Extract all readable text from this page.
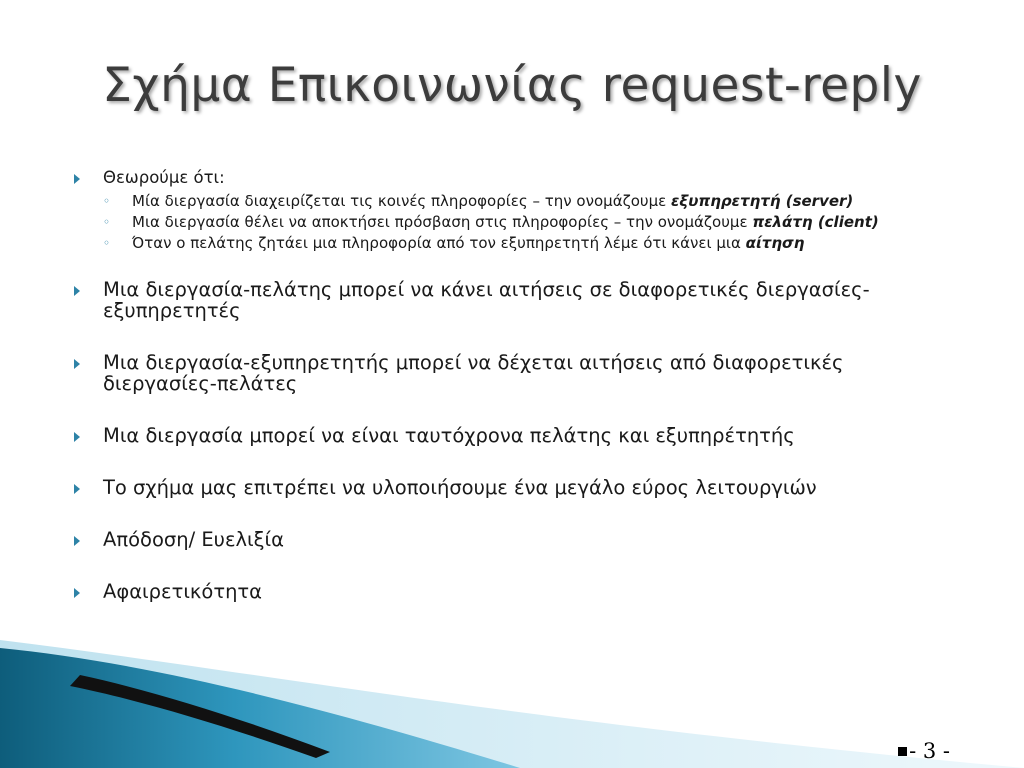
Σχήμα Επικοινωνίας request-reply
Θεωρούμε ότι:
◦ Μία διεργασία διαχειρίζεται τις κοινές πληροφορίες – την ονομάζουμε εξυπηρετητή (server)
◦ Μια διεργασία θέλει να αποκτήσει πρόσβαση στις πληροφορίες – την ονομάζουμε πελάτη (client)
◦ Όταν ο πελάτης ζητάει μια πληροφορία από τον εξυπηρετητή λέμε ότι κάνει μια αίτηση
Μια διεργασία-πελάτης μπορεί να κάνει αιτήσεις σε διαφορετικές διεργασίες-εξυπηρετητές
Μια διεργασία-εξυπηρετητής μπορεί να δέχεται αιτήσεις από διαφορετικές διεργασίες-πελάτες
Μια διεργασία μπορεί να είναι ταυτόχρονα πελάτης και εξυπηρέτητής
Το σχήμα μας επιτρέπει να υλοποιήσουμε ένα μεγάλο εύρος λειτουργιών
Απόδοση/ Ευελιξία
Αφαιρετικότητα
- 3 -
